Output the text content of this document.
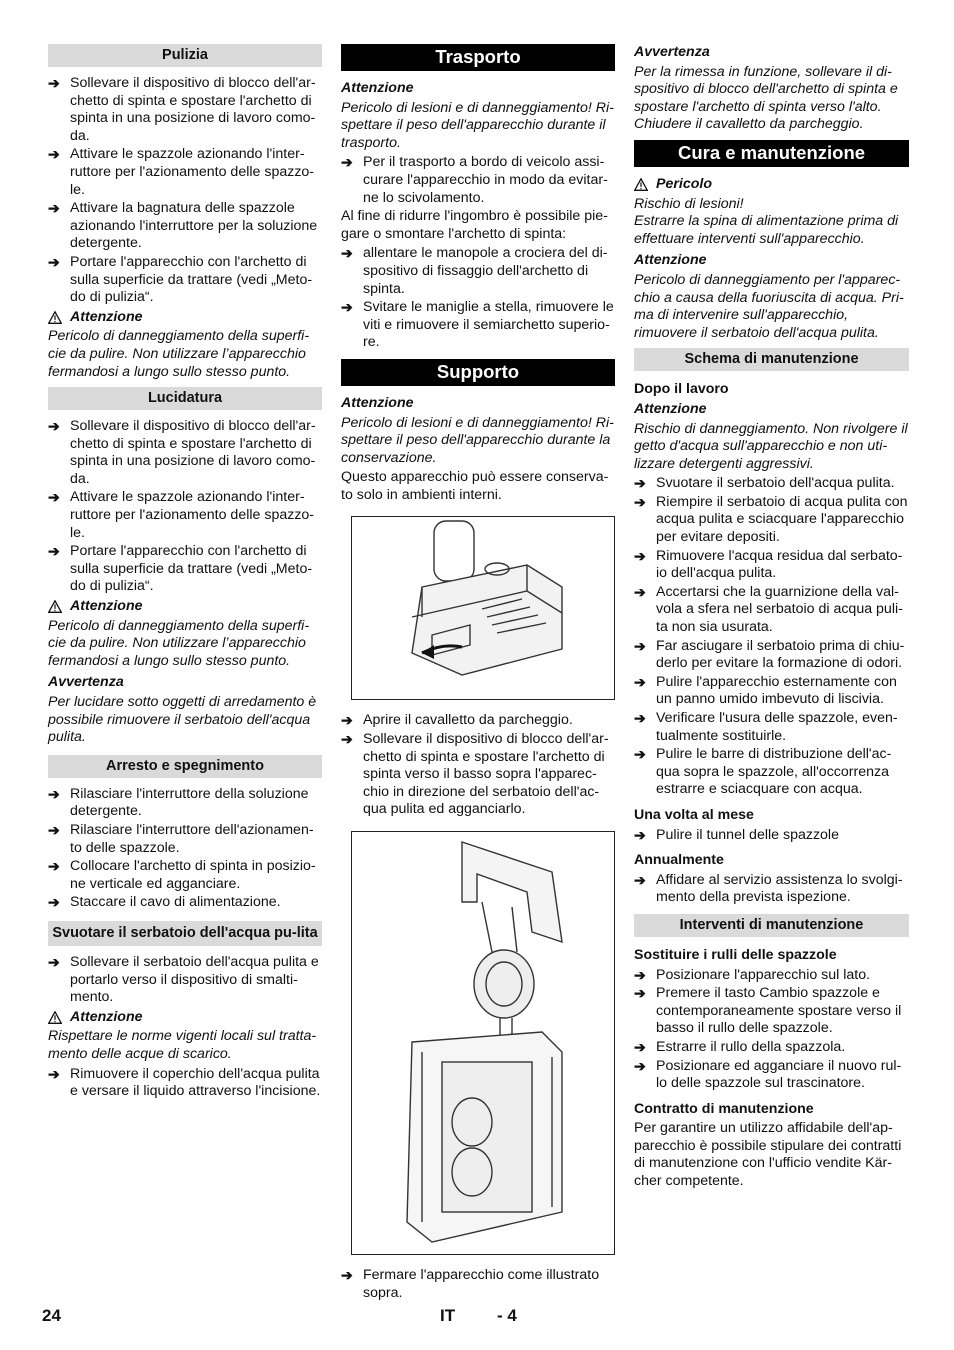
Pulizia
➔ Sollevare il dispositivo di blocco dell'ar-chetto di spinta e spostare l'archetto di spinta in una posizione di lavoro como-da.
➔ Attivare le spazzole azionando l'inter-ruttore per l'azionamento delle spazzo-le.
➔ Attivare la bagnatura delle spazzole azionando l'interruttore per la soluzione detergente.
➔ Portare l'apparecchio con l'archetto di sulla superficie da trattare (vedi „Meto-do di pulizia“.
Attenzione
Pericolo di danneggiamento della superfi-cie da pulire. Non utilizzare l’apparecchio fermandosi a lungo sullo stesso punto.
Lucidatura
➔ Sollevare il dispositivo di blocco dell'ar-chetto di spinta e spostare l'archetto di spinta in una posizione di lavoro como-da.
➔ Attivare le spazzole azionando l'inter-ruttore per l'azionamento delle spazzo-le.
➔ Portare l'apparecchio con l'archetto di sulla superficie da trattare (vedi „Meto-do di pulizia“.
Attenzione
Pericolo di danneggiamento della superfi-cie da pulire. Non utilizzare l’apparecchio fermandosi a lungo sullo stesso punto.
Avvertenza
Per lucidare sotto oggetti di arredamento è possibile rimuovere il serbatoio dell'acqua pulita.
Arresto e spegnimento
➔ Rilasciare l'interruttore della soluzione detergente.
➔ Rilasciare l'interruttore dell'azionamen-to delle spazzole.
➔ Collocare l'archetto di spinta in posizio-ne verticale ed agganciare.
➔ Staccare il cavo di alimentazione.
Svuotare il serbatoio dell'acqua pu-lita
➔ Sollevare il serbatoio dell'acqua pulita e portarlo verso il dispositivo di smalti-mento.
Attenzione
Rispettare le norme vigenti locali sul tratta-mento delle acque di scarico.
➔ Rimuovere il coperchio dell'acqua pulita e versare il liquido attraverso l'incisione.
Trasporto
Attenzione
Pericolo di lesioni e di danneggiamento! Ri-spettare il peso dell'apparecchio durante il trasporto.
➔ Per il trasporto a bordo di veicolo assi-curare l'apparecchio in modo da evitar-ne lo scivolamento.
Al fine di ridurre l'ingombro è possibile pie-gare o smontare l'archetto di spinta:
➔ allentare le manopole a crociera del di-spositivo di fissaggio dell'archetto di spinta.
➔ Svitare le maniglie a stella, rimuovere le viti e rimuovere il semiarchetto superio-re.
Supporto
Attenzione
Pericolo di lesioni e di danneggiamento! Ri-spettare il peso dell'apparecchio durante la conservazione.
Questo apparecchio può essere conserva-to solo in ambienti interni.
➔ Aprire il cavalletto da parcheggio.
➔ Sollevare il dispositivo di blocco dell'ar-chetto di spinta e spostare l'archetto di spinta verso il basso sopra l'apparec-chio in direzione del serbatoio dell'ac-qua pulita ed agganciarlo.
➔ Fermare l'apparecchio come illustrato sopra.
Avvertenza
Per la rimessa in funzione, sollevare il di-spositivo di blocco dell'archetto di spinta e spostare l'archetto di spinta verso l'alto. Chiudere il cavalletto da parcheggio.
Cura e manutenzione
Pericolo
Rischio di lesioni!
Estrarre la spina di alimentazione prima di effettuare interventi sull'apparecchio.
Attenzione
Pericolo di danneggiamento per l'apparec-chio a causa della fuoriuscita di acqua. Pri-ma di intervenire sull'apparecchio, rimuovere il serbatoio dell'acqua pulita.
Schema di manutenzione
Dopo il lavoro
Attenzione
Rischio di danneggiamento. Non rivolgere il getto d'acqua sull'apparecchio e non uti-lizzare detergenti aggressivi.
➔ Svuotare il serbatoio dell'acqua pulita.
➔ Riempire il serbatoio di acqua pulita con acqua pulita e sciacquare l'apparecchio per evitare depositi.
➔ Rimuovere l'acqua residua dal serbato-io dell'acqua pulita.
➔ Accertarsi che la guarnizione della val-vola a sfera nel serbatoio di acqua puli-ta non sia usurata.
➔ Far asciugare il serbatoio prima di chiu-derlo per evitare la formazione di odori.
➔ Pulire l'apparecchio esternamente con un panno umido imbevuto di liscivia.
➔ Verificare l'usura delle spazzole, even-tualmente sostituirle.
➔ Pulire le barre di distribuzione dell'ac-qua sopra le spazzole, all'occorrenza estrarre e sciacquare con acqua.
Una volta al mese
➔ Pulire il tunnel delle spazzole
Annualmente
➔ Affidare al servizio assistenza lo svolgi-mento della prevista ispezione.
Interventi di manutenzione
Sostituire i rulli delle spazzole
➔ Posizionare l'apparecchio sul lato.
➔ Premere il tasto Cambio spazzole e contemporaneamente spostare verso il basso il rullo delle spazzole.
➔ Estrarre il rullo della spazzola.
➔ Posizionare ed agganciare il nuovo rul-lo delle spazzole sul trascinatore.
Contratto di manutenzione
Per garantire un utilizzo affidabile dell'ap-parecchio è possibile stipulare dei contratti di manutenzione con l'ufficio vendite Kär-cher competente.
24	IT - 4
